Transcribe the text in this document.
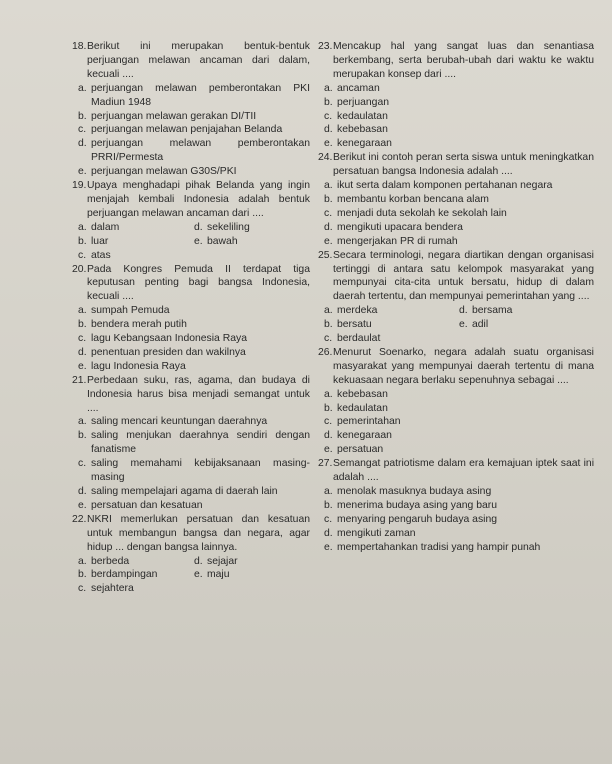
18. Berikut ini merupakan bentuk-bentuk perjuangan melawan ancaman dari dalam, kecuali ....
a. perjuangan melawan pemberontakan PKI Madiun 1948
b. perjuangan melawan gerakan DI/TII
c. perjuangan melawan penjajahan Belanda
d. perjuangan melawan pemberontakan PRRI/Permesta
e. perjuangan melawan G30S/PKI
19. Upaya menghadapi pihak Belanda yang ingin menjajah kembali Indonesia adalah bentuk perjuangan melawan ancaman dari ....
a. dalam	d. sekeliling
b. luar	e. bawah
c. atas
20. Pada Kongres Pemuda II terdapat tiga keputusan penting bagi bangsa Indonesia, kecuali ....
a. sumpah Pemuda
b. bendera merah putih
c. lagu Kebangsaan Indonesia Raya
d. penentuan presiden dan wakilnya
e. lagu Indonesia Raya
21. Perbedaan suku, ras, agama, dan budaya di Indonesia harus bisa menjadi semangat untuk ....
a. saling mencari keuntungan daerahnya
b. saling menjukan daerahnya sendiri dengan fanatisme
c. saling memahami kebijaksanaan masing-masing
d. saling mempelajari agama di daerah lain
e. persatuan dan kesatuan
22. NKRI memerlukan persatuan dan kesatuan untuk membangun bangsa dan negara, agar hidup ... dengan bangsa lainnya.
a. berbeda	d. sejajar
b. berdampingan	e. maju
c. sejahtera
23. Mencakup hal yang sangat luas dan senantiasa berkembang, serta berubah-ubah dari waktu ke waktu merupakan konsep dari ....
a. ancaman
b. perjuangan
c. kedaulatan
d. kebebasan
e. kenegaraan
24. Berikut ini contoh peran serta siswa untuk meningkatkan persatuan bangsa Indonesia adalah ....
a. ikut serta dalam komponen pertahanan negara
b. membantu korban bencana alam
c. menjadi duta sekolah ke sekolah lain
d. mengikuti upacara bendera
e. mengerjakan PR di rumah
25. Secara terminologi, negara diartikan dengan organisasi tertinggi di antara satu kelompok masyarakat yang mempunyai cita-cita untuk bersatu, hidup di dalam daerah tertentu, dan mempunyai pemerintahan yang ....
a. merdeka	d. bersama
b. bersatu	e. adil
c. berdaulat
26. Menurut Soenarko, negara adalah suatu organisasi masyarakat yang mempunyai daerah tertentu di mana kekuasaan negara berlaku sepenuhnya sebagai ....
a. kebebasan
b. kedaulatan
c. pemerintahan
d. kenegaraan
e. persatuan
27. Semangat patriotisme dalam era kemajuan iptek saat ini adalah ....
a. menolak masuknya budaya asing
b. menerima budaya asing yang baru
c. menyaring pengaruh budaya asing
d. mengikuti zaman
e. mempertahankan tradisi yang hampir punah
